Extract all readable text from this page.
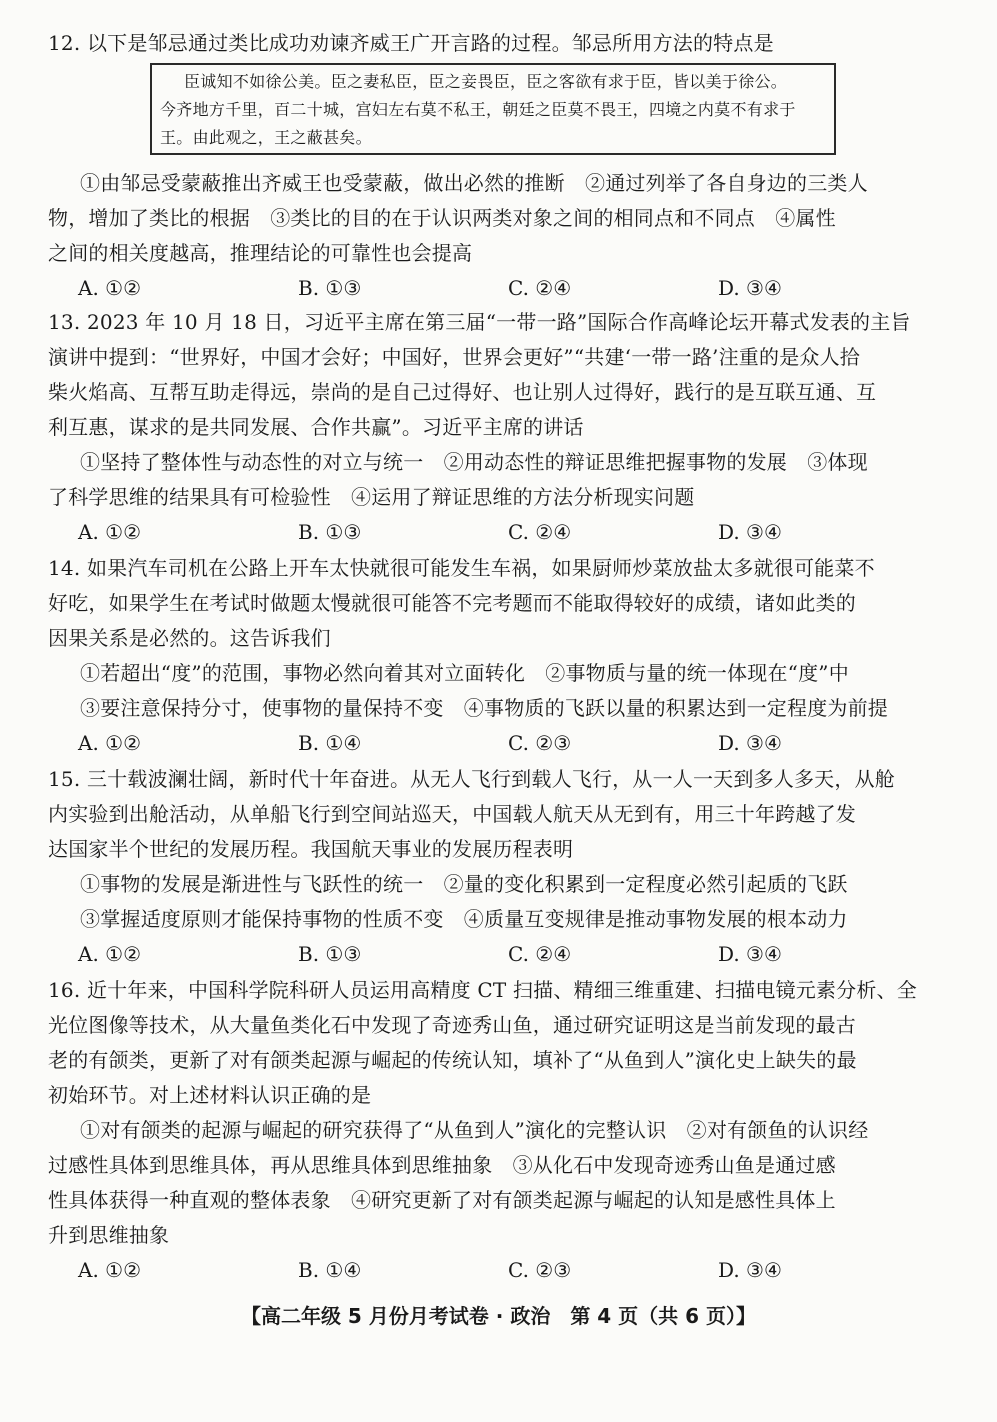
12. 以下是邹忌通过类比成功劝谏齐威王广开言路的过程。邹忌所用方法的特点是
臣诚知不如徐公美。臣之妻私臣，臣之妾畏臣，臣之客欲有求于臣，皆以美于徐公。
今齐地方千里，百二十城，宫妇左右莫不私王，朝廷之臣莫不畏王，四境之内莫不有求于
王。由此观之，王之蔽甚矣。
①由邹忌受蒙蔽推出齐威王也受蒙蔽，做出必然的推断　②通过列举了各自身边的三类人
物，增加了类比的根据　③类比的目的在于认识两类对象之间的相同点和不同点　④属性
之间的相关度越高，推理结论的可靠性也会提高
A. ①②	B. ①③	C. ②④	D. ③④
13. 2023 年 10 月 18 日，习近平主席在第三届“一带一路”国际合作高峰论坛开幕式发表的主旨
演讲中提到：“世界好，中国才会好；中国好，世界会更好”“共建‘一带一路’注重的是众人拾
柴火焰高、互帮互助走得远，崇尚的是自己过得好、也让别人过得好，践行的是互联互通、互
利互惠，谋求的是共同发展、合作共赢”。习近平主席的讲话
①坚持了整体性与动态性的对立与统一　②用动态性的辩证思维把握事物的发展　③体现
了科学思维的结果具有可检验性　④运用了辩证思维的方法分析现实问题
A. ①②	B. ①③	C. ②④	D. ③④
14. 如果汽车司机在公路上开车太快就很可能发生车祸，如果厨师炒菜放盐太多就很可能菜不
好吃，如果学生在考试时做题太慢就很可能答不完考题而不能取得较好的成绩，诸如此类的
因果关系是必然的。这告诉我们
①若超出“度”的范围，事物必然向着其对立面转化　②事物质与量的统一体现在“度”中
③要注意保持分寸，使事物的量保持不变　④事物质的飞跃以量的积累达到一定程度为前提
A. ①②	B. ①④	C. ②③	D. ③④
15. 三十载波澜壮阔，新时代十年奋进。从无人飞行到载人飞行，从一人一天到多人多天，从舱
内实验到出舱活动，从单船飞行到空间站巡天，中国载人航天从无到有，用三十年跨越了发
达国家半个世纪的发展历程。我国航天事业的发展历程表明
①事物的发展是渐进性与飞跃性的统一　②量的变化积累到一定程度必然引起质的飞跃
③掌握适度原则才能保持事物的性质不变　④质量互变规律是推动事物发展的根本动力
A. ①②	B. ①③	C. ②④	D. ③④
16. 近十年来，中国科学院科研人员运用高精度 CT 扫描、精细三维重建、扫描电镜元素分析、全
光位图像等技术，从大量鱼类化石中发现了奇迹秀山鱼，通过研究证明这是当前发现的最古
老的有颌类，更新了对有颌类起源与崛起的传统认知，填补了“从鱼到人”演化史上缺失的最
初始环节。对上述材料认识正确的是
①对有颌类的起源与崛起的研究获得了“从鱼到人”演化的完整认识　②对有颌鱼的认识经
过感性具体到思维具体，再从思维具体到思维抽象　③从化石中发现奇迹秀山鱼是通过感
性具体获得一种直观的整体表象　④研究更新了对有颌类起源与崛起的认知是感性具体上
升到思维抽象
A. ①②	B. ①④	C. ②③	D. ③④
【高二年级 5 月份月考试卷 · 政治　第 4 页（共 6 页）】
